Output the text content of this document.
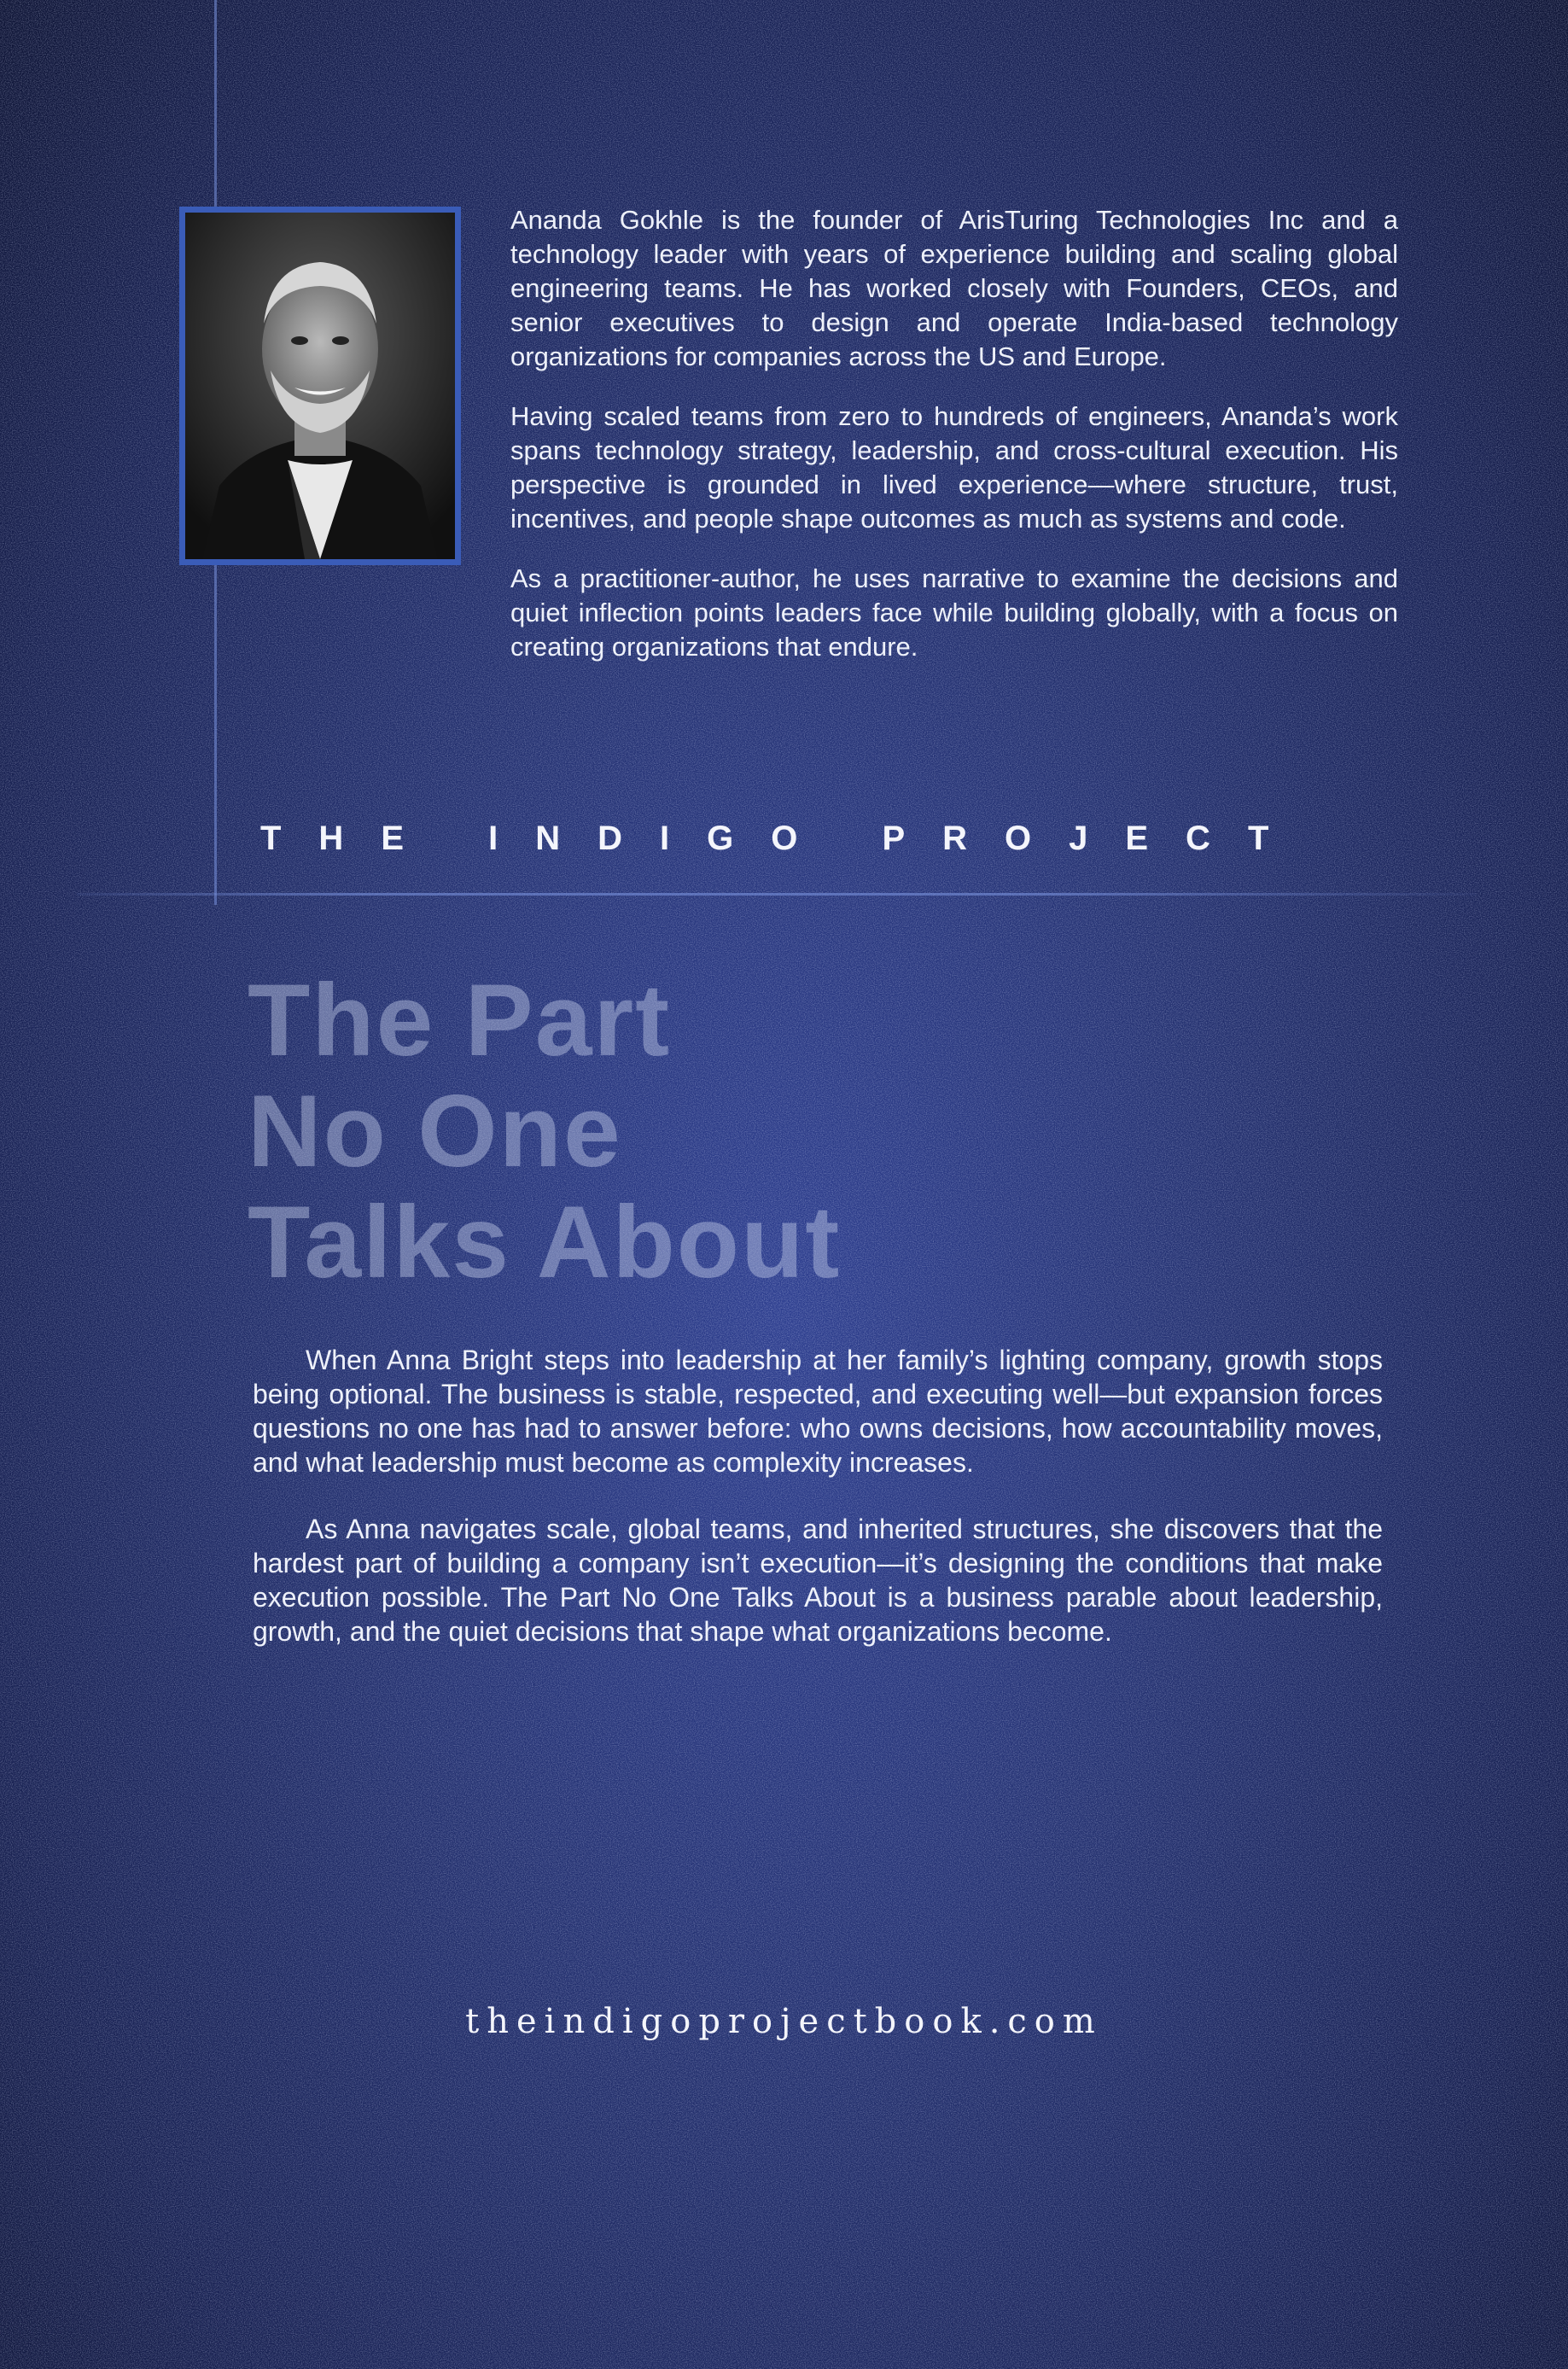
Ananda Gokhle is the founder of ArisTuring Technologies Inc and a technology leader with years of experience building and scaling global engineering teams. He has worked closely with Founders, CEOs, and senior executives to design and operate India-based technology organizations for companies across the US and Europe.

Having scaled teams from zero to hundreds of engineers, Ananda’s work spans technology strategy, leadership, and cross-cultural execution. His perspective is grounded in lived experience—where structure, trust, incentives, and people shape outcomes as much as systems and code.

As a practitioner-author, he uses narrative to examine the decisions and quiet inflection points leaders face while building globally, with a focus on creating organizations that endure.

THE INDIGO PROJECT
The Part
No One
Talks About

When Anna Bright steps into leadership at her family’s lighting company, growth stops being optional. The business is stable, respected, and executing well—but expansion forces questions no one has had to answer before: who owns decisions, how accountability moves, and what leadership must become as complexity increases.

As Anna navigates scale, global teams, and inherited structures, she discovers that the hardest part of building a company isn’t execution—it’s designing the conditions that make execution possible. The Part No One Talks About is a business parable about leadership, growth, and the quiet decisions that shape what organizations become.

theindigoprojectbook.com
